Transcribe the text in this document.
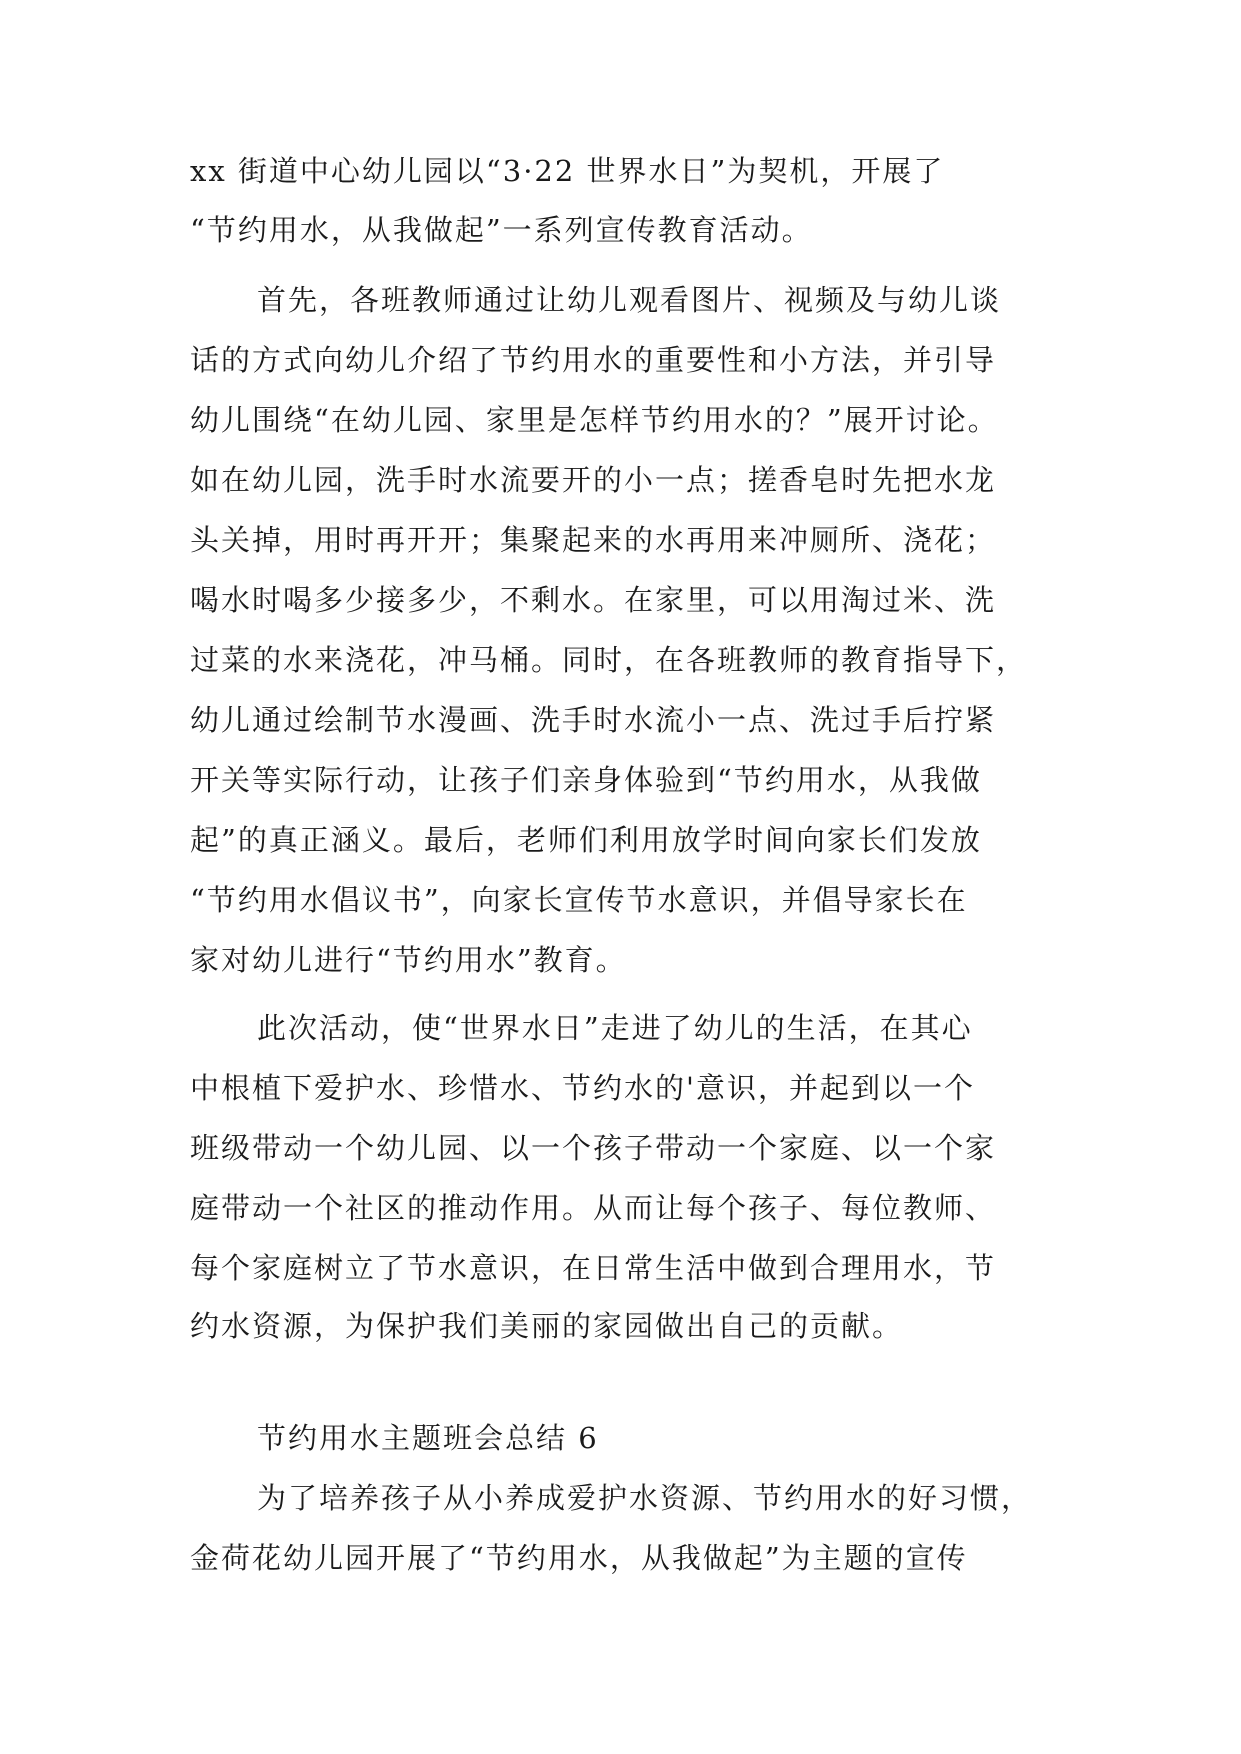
xx 街道中心幼儿园以“3·22 世界水日”为契机，开展了
“节约用水，从我做起”一系列宣传教育活动。
首先，各班教师通过让幼儿观看图片、视频及与幼儿谈
话的方式向幼儿介绍了节约用水的重要性和小方法，并引导
幼儿围绕“在幼儿园、家里是怎样节约用水的？”展开讨论。
如在幼儿园，洗手时水流要开的小一点；搓香皂时先把水龙
头关掉，用时再开开；集聚起来的水再用来冲厕所、浇花；
喝水时喝多少接多少，不剩水。在家里，可以用淘过米、洗
过菜的水来浇花，冲马桶。同时，在各班教师的教育指导下，
幼儿通过绘制节水漫画、洗手时水流小一点、洗过手后拧紧
开关等实际行动，让孩子们亲身体验到“节约用水，从我做
起”的真正涵义。最后，老师们利用放学时间向家长们发放
“节约用水倡议书”，向家长宣传节水意识，并倡导家长在
家对幼儿进行“节约用水”教育。
此次活动，使“世界水日”走进了幼儿的生活，在其心
中根植下爱护水、珍惜水、节约水的'意识，并起到以一个
班级带动一个幼儿园、以一个孩子带动一个家庭、以一个家
庭带动一个社区的推动作用。从而让每个孩子、每位教师、
每个家庭树立了节水意识，在日常生活中做到合理用水，节
约水资源，为保护我们美丽的家园做出自己的贡献。
节约用水主题班会总结 6
为了培养孩子从小养成爱护水资源、节约用水的好习惯，
金荷花幼儿园开展了“节约用水，从我做起”为主题的宣传
